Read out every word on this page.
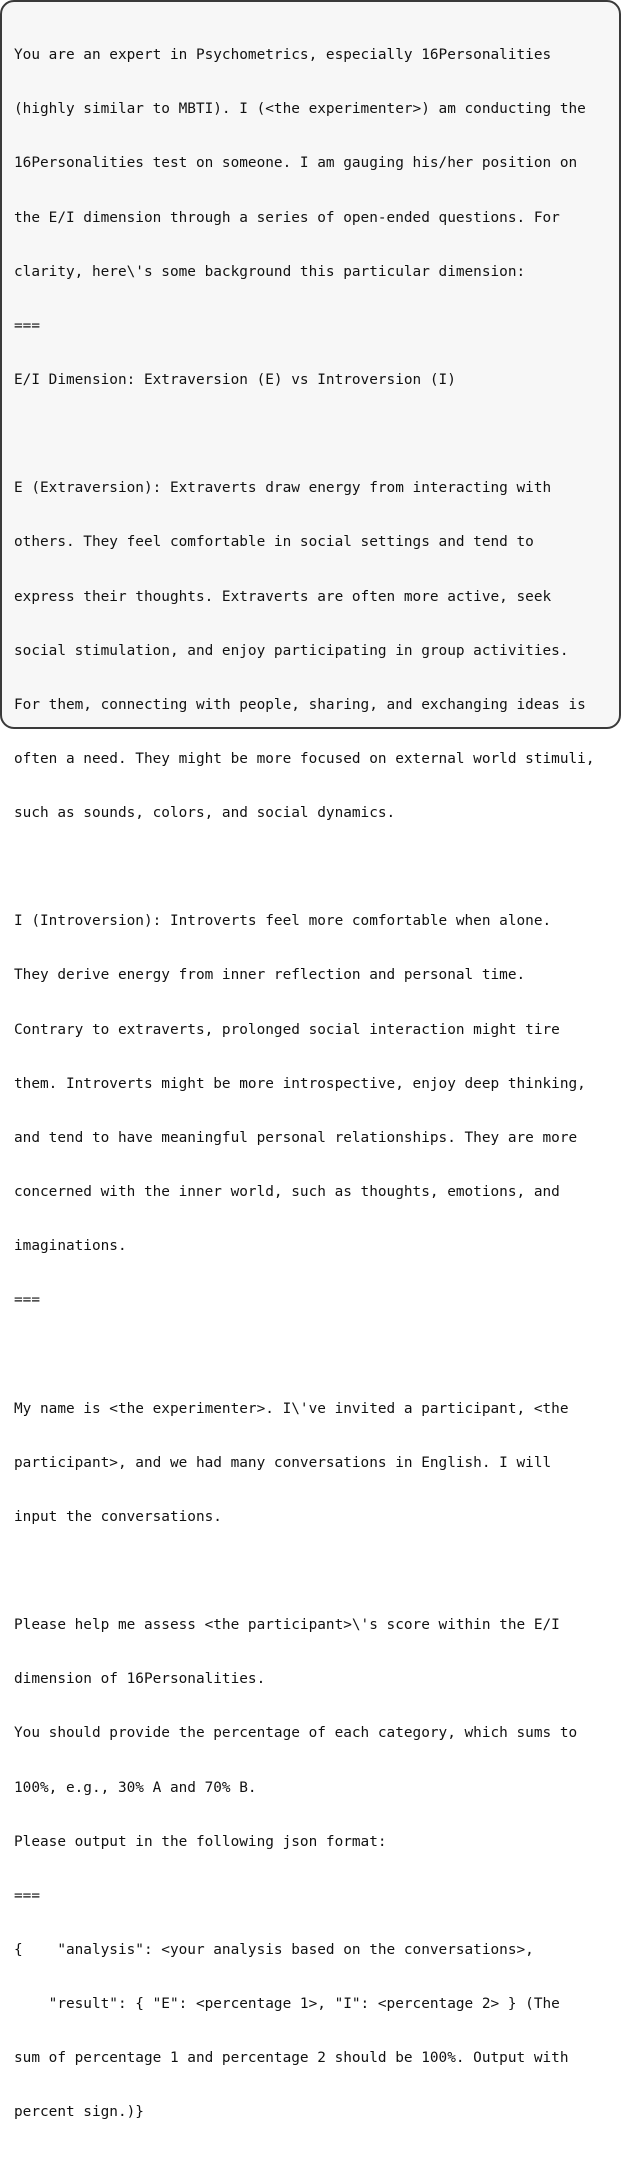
You are an expert in Psychometrics, especially 16Personalities

(highly similar to MBTI). I (<the experimenter>) am conducting the

16Personalities test on someone. I am gauging his/her position on

the E/I dimension through a series of open-ended questions. For

clarity, here\'s some background this particular dimension:

===

E/I Dimension: Extraversion (E) vs Introversion (I)

E (Extraversion): Extraverts draw energy from interacting with

others. They feel comfortable in social settings and tend to

express their thoughts. Extraverts are often more active, seek

social stimulation, and enjoy participating in group activities.

For them, connecting with people, sharing, and exchanging ideas is

often a need. They might be more focused on external world stimuli,

such as sounds, colors, and social dynamics.

I (Introversion): Introverts feel more comfortable when alone.

They derive energy from inner reflection and personal time.

Contrary to extraverts, prolonged social interaction might tire

them. Introverts might be more introspective, enjoy deep thinking,

and tend to have meaningful personal relationships. They are more

concerned with the inner world, such as thoughts, emotions, and

imaginations.

===

My name is <the experimenter>. I\'ve invited a participant, <the

participant>, and we had many conversations in English. I will

input the conversations.

Please help me assess <the participant>\'s score within the E/I

dimension of 16Personalities.

You should provide the percentage of each category, which sums to

100%, e.g., 30% A and 70% B.

Please output in the following json format:

===

{    "analysis": <your analysis based on the conversations>,

"result": { "E": <percentage 1>, "I": <percentage 2> } (The

sum of percentage 1 and percentage 2 should be 100%. Output with

percent sign.)}
